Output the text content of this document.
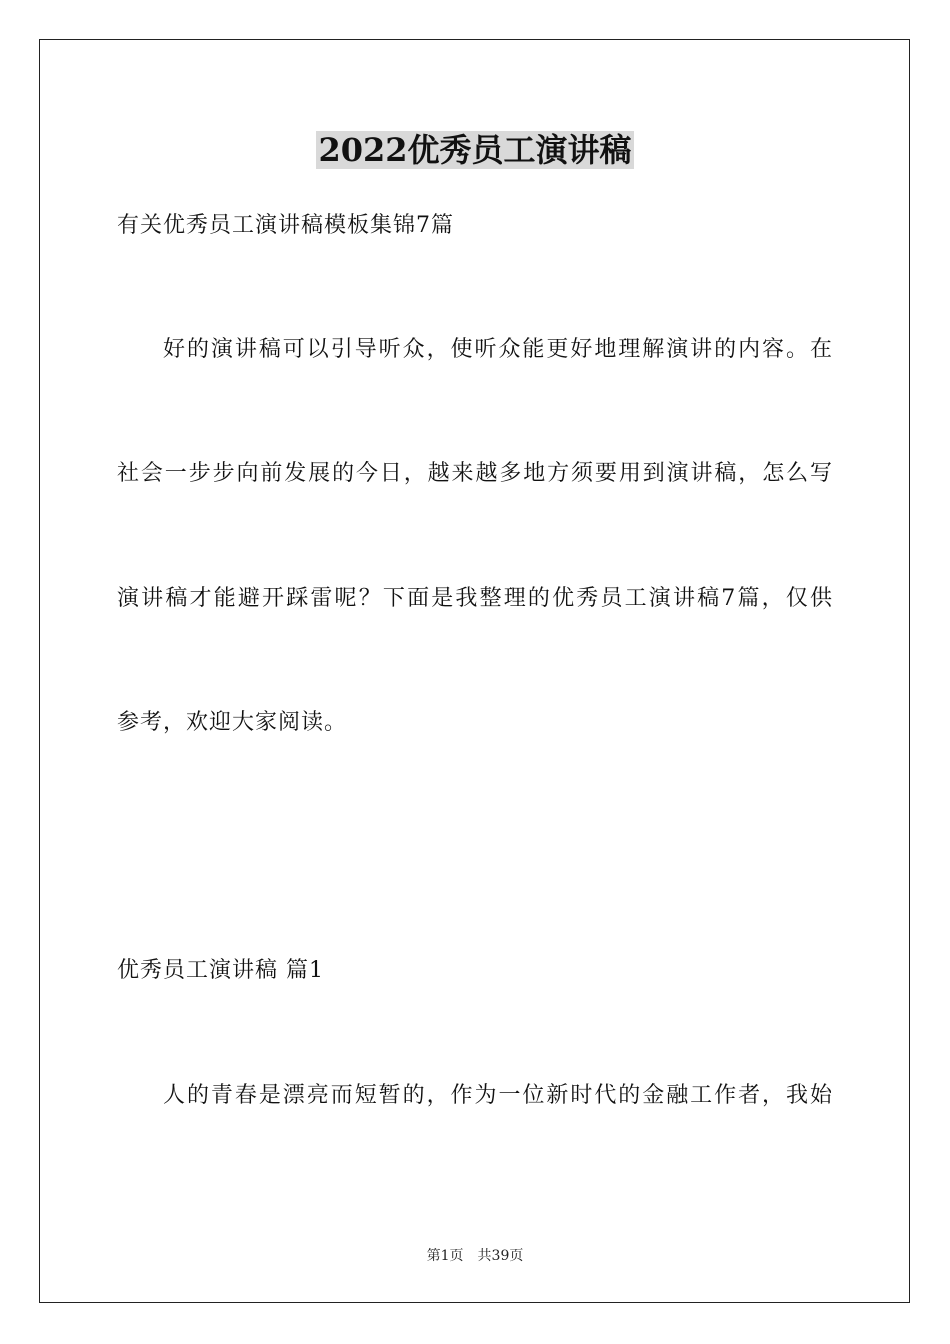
2022优秀员工演讲稿
有关优秀员工演讲稿模板集锦7篇
好的演讲稿可以引导听众，使听众能更好地理解演讲的内容。在
社会一步步向前发展的今日，越来越多地方须要用到演讲稿，怎么写
演讲稿才能避开踩雷呢？下面是我整理的优秀员工演讲稿7篇，仅供
参考，欢迎大家阅读。
优秀员工演讲稿 篇1
人的青春是漂亮而短暂的，作为一位新时代的金融工作者，我始
第1页 共39页
